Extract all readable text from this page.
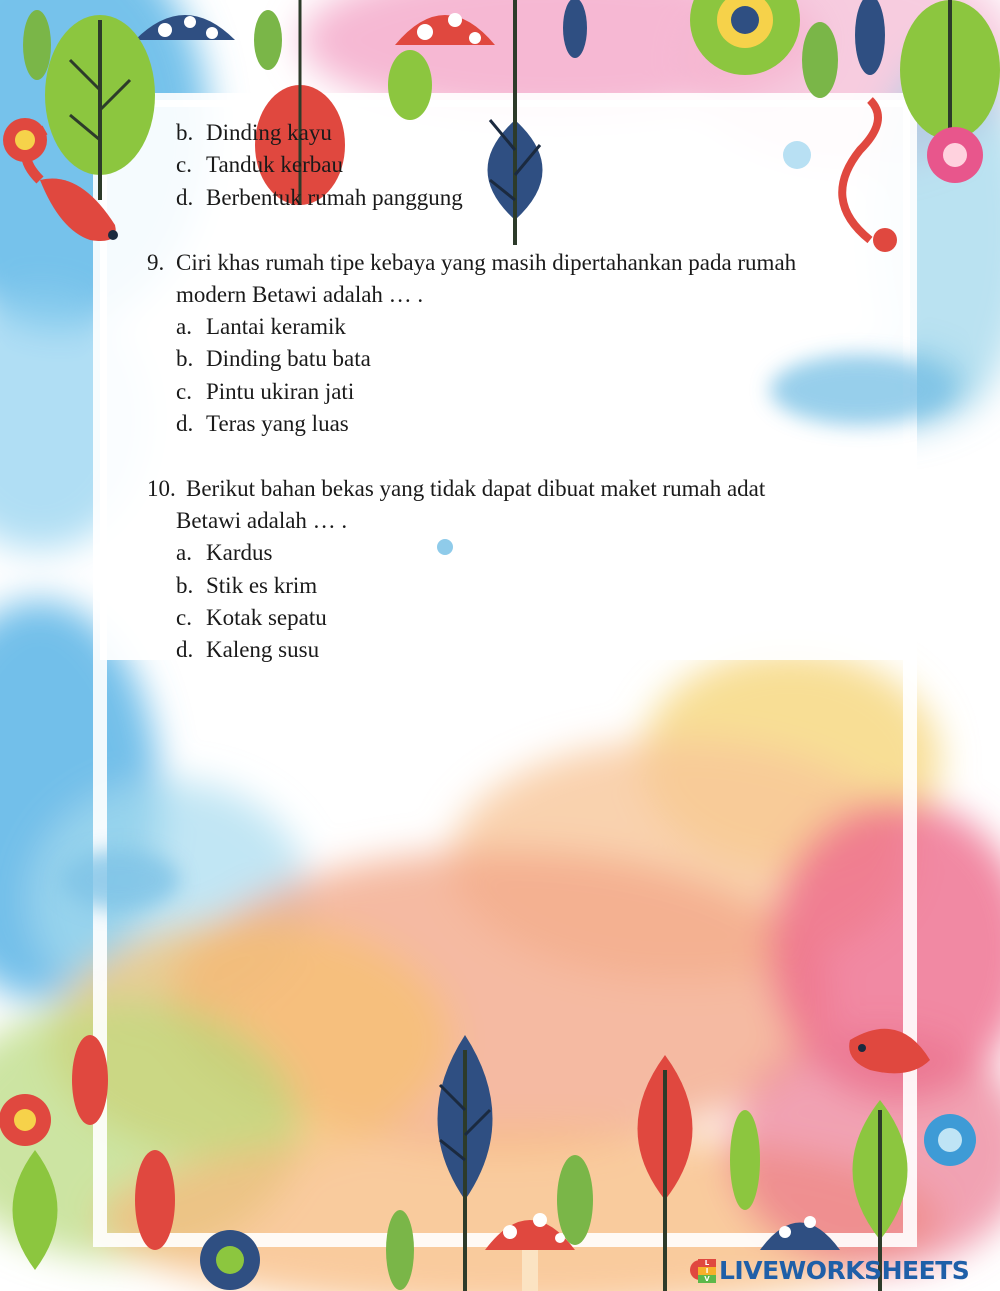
b. Dinding kayu
c. Tanduk kerbau
d. Berbentuk rumah panggung
9. Ciri khas rumah tipe kebaya yang masih dipertahankan pada rumah
modern Betawi adalah … .
a. Lantai keramik
b. Dinding batu bata
c. Pintu ukiran jati
d. Teras yang luas
10. Berikut bahan bekas yang tidak dapat dibuat maket rumah adat
Betawi adalah … .
a. Kardus
b. Stik es krim
c. Kotak sepatu
d. Kaleng susu
L
I
V LIVEWORKSHEETS
